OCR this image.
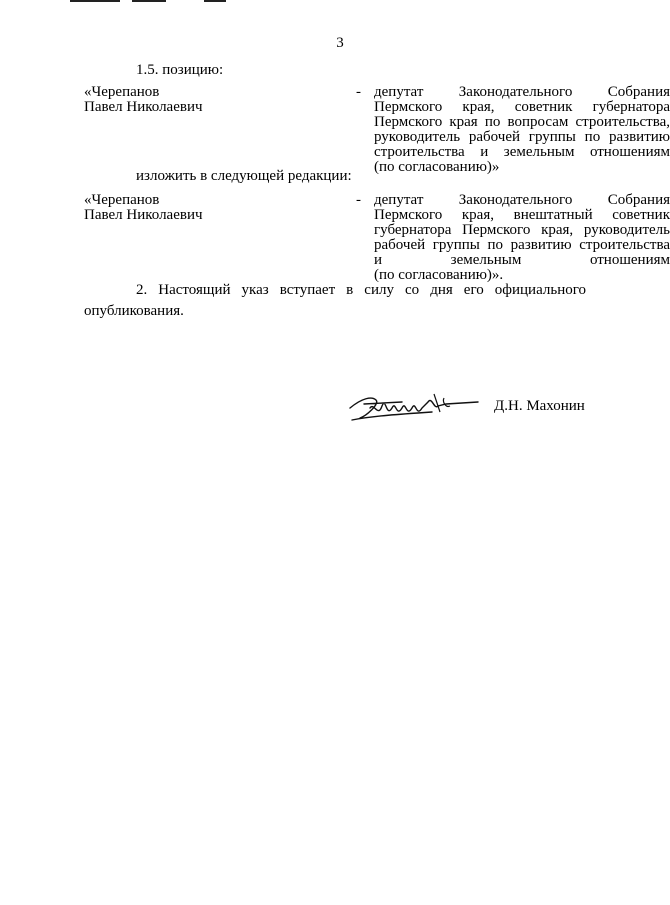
3
1.5. позицию:
«Черепанов
Павел Николаевич
- депутат Законодательного Собрания
Пермского края, советник губернатора
Пермского края по вопросам строительства,
руководитель рабочей группы по развитию
строительства и земельным отношениям
(по согласованию)»
изложить в следующей редакции:
«Черепанов
Павел Николаевич
- депутат Законодательного Собрания
Пермского края, внештатный советник
губернатора Пермского края, руководитель
рабочей группы по развитию строительства
и земельным отношениям
(по согласованию)».
2. Настоящий указ вступает в силу со дня его официального
опубликования.
Д.Н. Махонин
